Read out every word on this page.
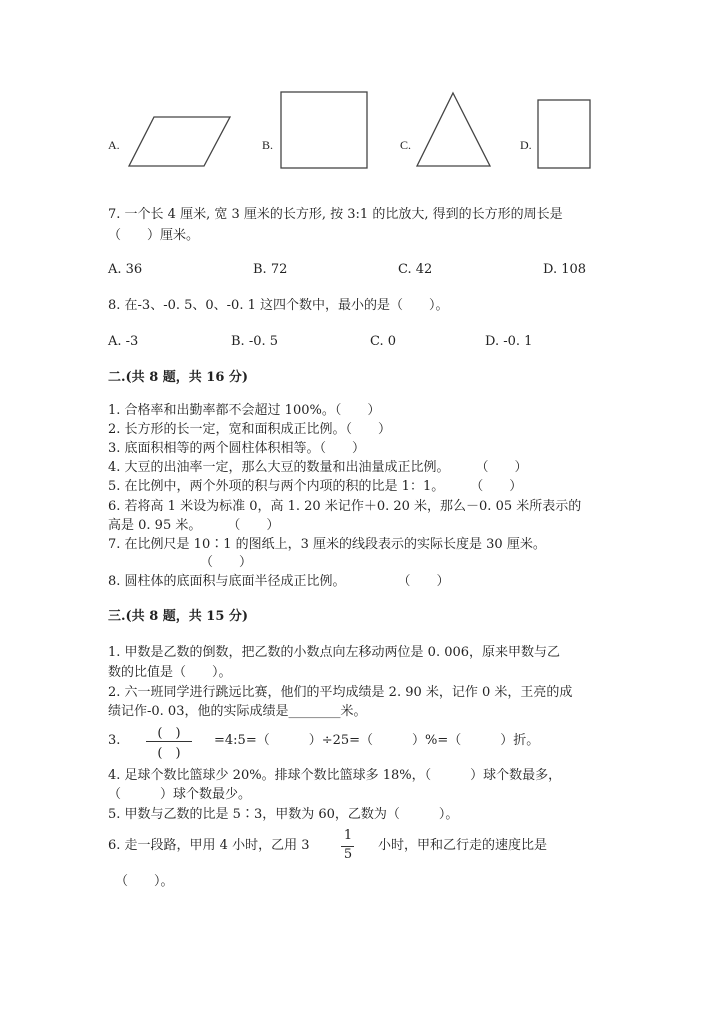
A.	B.	C.	D.
7. 一个长 4 厘米, 宽 3 厘米的长方形, 按 3:1 的比放大, 得到的长方形的周长是
（　　）厘米。
A. 36	B. 72	C. 42	D. 108
8. 在-3、-0. 5、0、-0. 1 这四个数中，最小的是（　　）。
A. -3	B. -0. 5	C. 0	D. -0. 1
二.(共 8 题，共 16 分)
1. 合格率和出勤率都不会超过 100%。（　　）
2. 长方形的长一定，宽和面积成正比例。（　　）
3. 底面积相等的两个圆柱体积相等。（　　）
4. 大豆的出油率一定，那么大豆的数量和出油量成正比例。　　　（　　）
5. 在比例中，两个外项的积与两个内项的积的比是 1：1。　　　（　　）
6. 若将高 1 米设为标准 0，高 1. 20 米记作＋0. 20 米，那么－0. 05 米所表示的
高是 0. 95 米。　　　（　　）
7. 在比例尺是 10∶1 的图纸上，3 厘米的线段表示的实际长度是 30 厘米。
（　　）
8. 圆柱体的底面积与底面半径成正比例。　　　　　（　　）
三.(共 8 题，共 15 分)
1. 甲数是乙数的倒数，把乙数的小数点向左移动两位是 0. 006，原来甲数与乙
数的比值是（　　）。
2. 六一班同学进行跳远比赛，他们的平均成绩是 2. 90 米，记作 0 米，王亮的成
绩记作-0. 03，他的实际成绩是________米。
3.	(　)
(　)
=4:5=（　　　）÷25=（　　　）%=（　　　）折。
4. 足球个数比篮球少 20%。排球个数比篮球多 18%，（　　　）球个数最多，
（　　　）球个数最少。
5. 甲数与乙数的比是 5∶3，甲数为 60，乙数为（　　　）。
6. 走一段路，甲用 4 小时，乙用 3
1
5
小时，甲和乙行走的速度比是
（　　）。
